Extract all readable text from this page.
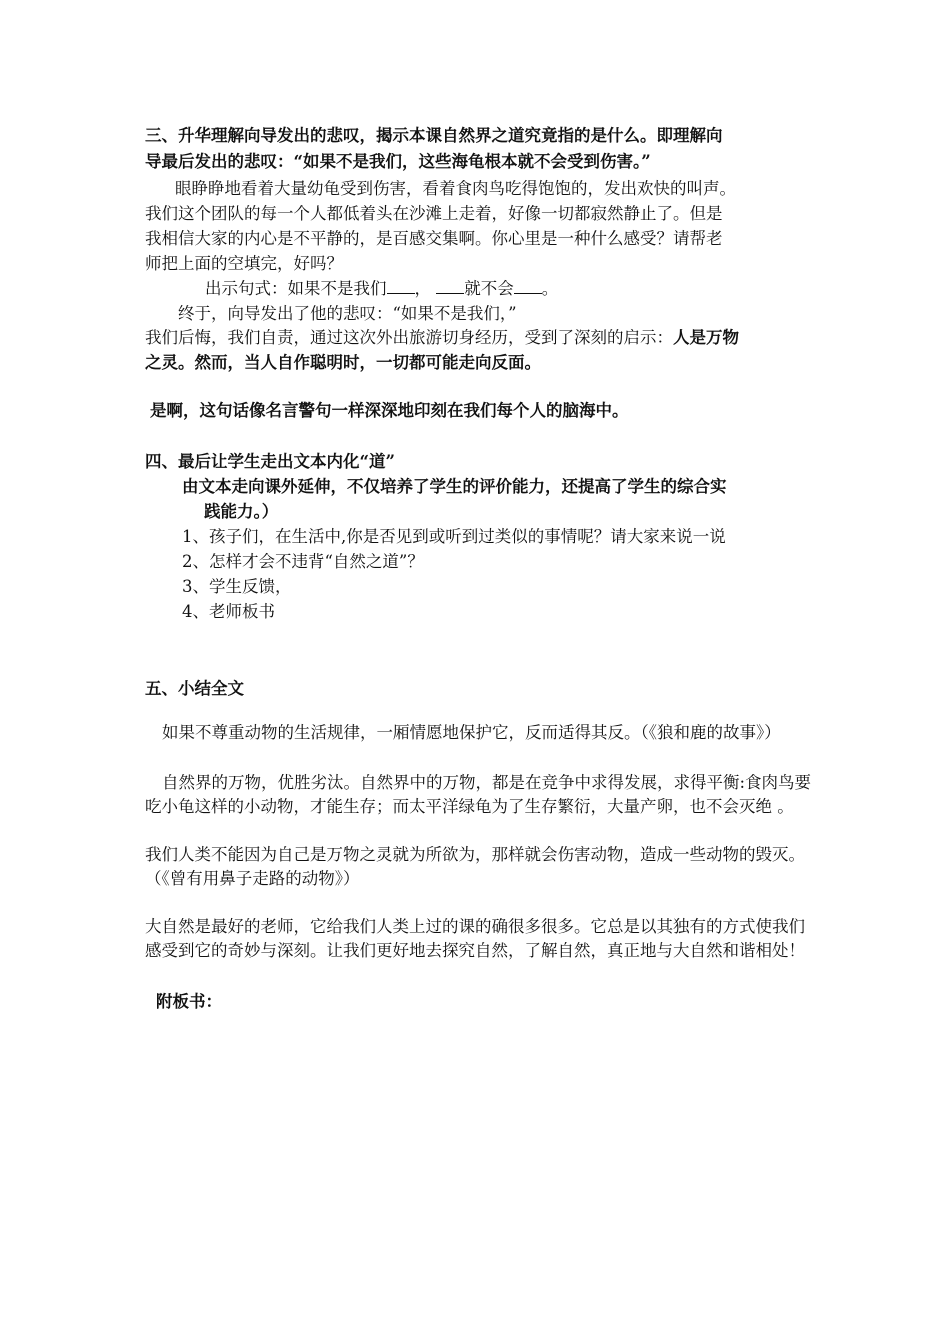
三、升华理解向导发出的悲叹，揭示本课自然界之道究竟指的是什么。即理解向
导最后发出的悲叹：“如果不是我们，这些海龟根本就不会受到伤害。”
眼睁睁地看着大量幼龟受到伤害，看着食肉鸟吃得饱饱的，发出欢快的叫声。
我们这个团队的每一个人都低着头在沙滩上走着，好像一切都寂然静止了。但是
我相信大家的内心是不平静的，是百感交集啊。你心里是一种什么感受？请帮老
师把上面的空填完，好吗？
出示句式：如果不是我们 ， 就不会 。
终于，向导发出了他的悲叹：“如果不是我们，”
我们后悔，我们自责，通过这次外出旅游切身经历，受到了深刻的启示：人是万物
之灵。然而，当人自作聪明时，一切都可能走向反面。
是啊，这句话像名言警句一样深深地印刻在我们每个人的脑海中。
四、最后让学生走出文本内化“道”
由文本走向课外延伸，不仅培养了学生的评价能力，还提高了学生的综合实
践能力。）
1、孩子们，在生活中,你是否见到或听到过类似的事情呢？请大家来说一说
2、怎样才会不违背“自然之道”？
3、学生反馈，
4、老师板书
五、小结全文
如果不尊重动物的生活规律，一厢情愿地保护它，反而适得其反。（《狼和鹿的故事》）
自然界的万物，优胜劣汰。自然界中的万物，都是在竞争中求得发展，求得平衡:食肉鸟要
吃小龟这样的小动物，才能生存；而太平洋绿龟为了生存繁衍，大量产卵，也不会灭绝 。
我们人类不能因为自己是万物之灵就为所欲为，那样就会伤害动物，造成一些动物的毁灭。
（《曾有用鼻子走路的动物》）
大自然是最好的老师，它给我们人类上过的课的确很多很多。它总是以其独有的方式使我们
感受到它的奇妙与深刻。让我们更好地去探究自然，了解自然，真正地与大自然和谐相处！
附板书：
